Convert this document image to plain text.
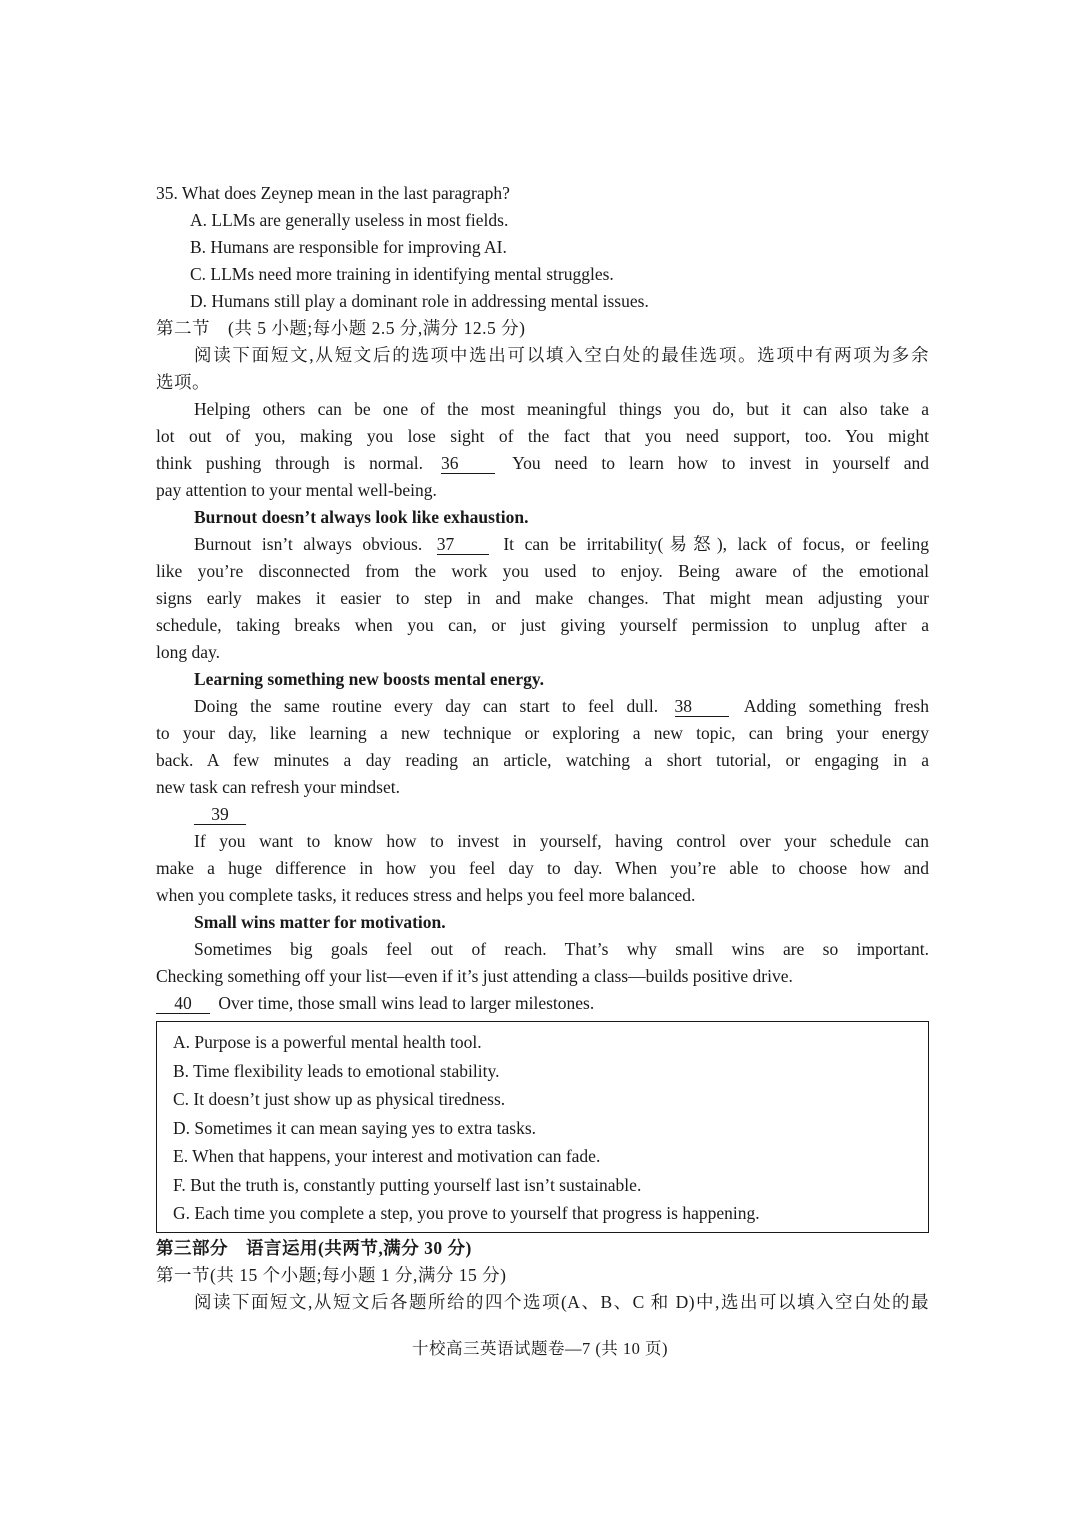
35. What does Zeynep mean in the last paragraph?
A. LLMs are generally useless in most fields.
B. Humans are responsible for improving AI.
C. LLMs need more training in identifying mental struggles.
D. Humans still play a dominant role in addressing mental issues.
第二节　(共 5 小题;每小题 2.5 分,满分 12.5 分)
阅读下面短文,从短文后的选项中选出可以填入空白处的最佳选项。选项中有两项为多余
选项。
Helping others can be one of the most meaningful things you do, but it can also take a
lot out of you, making you lose sight of the fact that you need support, too. You might
think pushing through is normal. 36	You need to learn how to invest in yourself and
pay attention to your mental well-being.
Burnout doesn’t always look like exhaustion.
Burnout isn’t always obvious. 37	It can be irritability(易怒), lack of focus, or feeling
like you’re disconnected from the work you used to enjoy. Being aware of the emotional
signs early makes it easier to step in and make changes. That might mean adjusting your
schedule, taking breaks when you can, or just giving yourself permission to unplug after a
long day.
Learning something new boosts mental energy.
Doing the same routine every day can start to feel dull. 38	Adding something fresh
to your day, like learning a new technique or exploring a new topic, can bring your energy
back. A few minutes a day reading an article, watching a short tutorial, or engaging in a
new task can refresh your mindset.
39
If you want to know how to invest in yourself, having control over your schedule can
make a huge difference in how you feel day to day. When you’re able to choose how and
when you complete tasks, it reduces stress and helps you feel more balanced.
Small wins matter for motivation.
Sometimes big goals feel out of reach. That’s why small wins are so important.
Checking something off your list—even if it’s just attending a class—builds positive drive.
40 Over time, those small wins lead to larger milestones.
A. Purpose is a powerful mental health tool.
B. Time flexibility leads to emotional stability.
C. It doesn’t just show up as physical tiredness.
D. Sometimes it can mean saying yes to extra tasks.
E. When that happens, your interest and motivation can fade.
F. But the truth is, constantly putting yourself last isn’t sustainable.
G. Each time you complete a step, you prove to yourself that progress is happening.
第三部分　语言运用(共两节,满分 30 分)
第一节(共 15 个小题;每小题 1 分,满分 15 分)
阅读下面短文,从短文后各题所给的四个选项(A、B、C 和 D)中,选出可以填入空白处的最
十校高三英语试题卷—7 (共 10 页)
